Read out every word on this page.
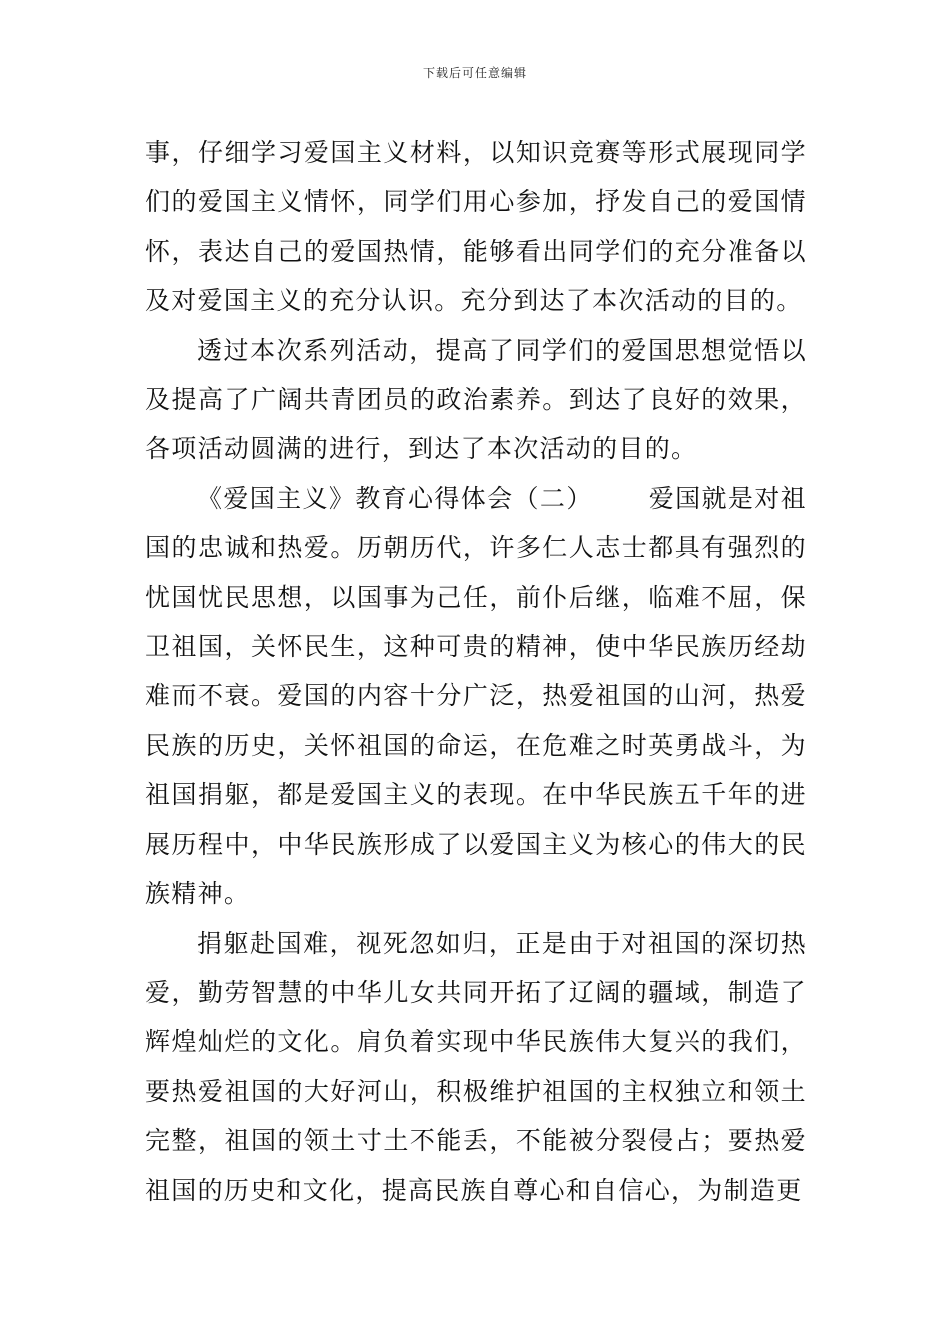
下载后可任意编辑

事，仔细学习爱国主义材料，以知识竞赛等形式展现同学们的爱国主义情怀，同学们用心参加，抒发自己的爱国情怀，表达自己的爱国热情，能够看出同学们的充分准备以及对爱国主义的充分认识。充分到达了本次活动的目的。

透过本次系列活动，提高了同学们的爱国思想觉悟以及提高了广阔共青团员的政治素养。到达了良好的效果，各项活动圆满的进行，到达了本次活动的目的。

《爱国主义》教育心得体会（二） 爱国就是对祖国的忠诚和热爱。历朝历代，许多仁人志士都具有强烈的忧国忧民思想，以国事为己任，前仆后继，临难不屈，保卫祖国，关怀民生，这种可贵的精神，使中华民族历经劫难而不衰。爱国的内容十分广泛，热爱祖国的山河，热爱民族的历史，关怀祖国的命运，在危难之时英勇战斗，为祖国捐躯，都是爱国主义的表现。在中华民族五千年的进展历程中，中华民族形成了以爱国主义为核心的伟大的民族精神。

捐躯赴国难，视死忽如归，正是由于对祖国的深切热爱，勤劳智慧的中华儿女共同开拓了辽阔的疆域，制造了辉煌灿烂的文化。肩负着实现中华民族伟大复兴的我们，要热爱祖国的大好河山，积极维护祖国的主权独立和领土完整，祖国的领土寸土不能丢，不能被分裂侵占；要热爱祖国的历史和文化，提高民族自尊心和自信心，为制造更
